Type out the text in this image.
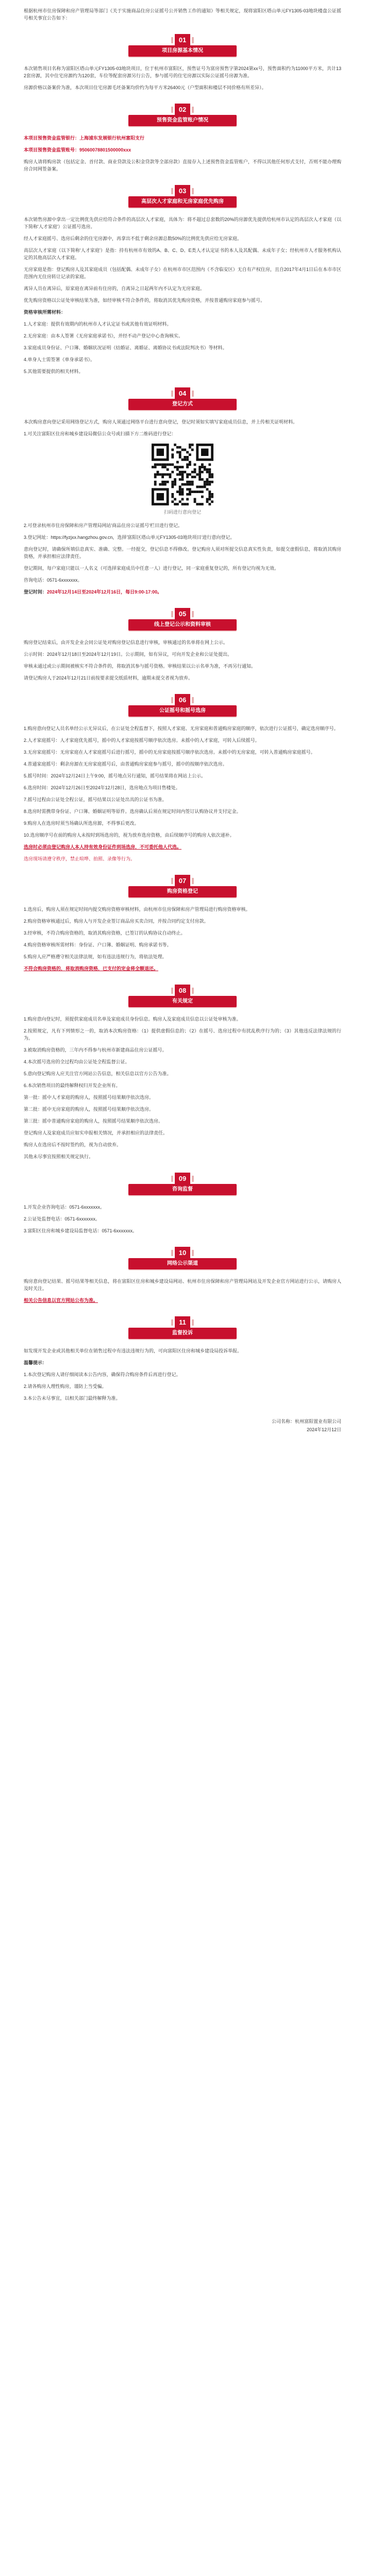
根据杭州市住房保障和房产管理局等部门《关于实施商品住房公证摇号公开销售工作的通知》等相关规定，现将富阳区塔山单元FY1305-03地块楼盘公证摇号相关事宜公告如下：

01
项目房源基本情况

本次销售项目名称为富阳区塔山单元FY1305-03地块项目，位于杭州市富阳区，预售证号为富房预售字第2024第xx号，预售面积约为11000平方米，共计132套房源，其中住宅房源约为120套，车位等配套房源另行公告，参与摇号的住宅房源以实际公证摇号房源为准。

房源价格以备案价为准，本次项目住宅房源毛坯备案均价约为每平方米26400元（户型面积和楼层不同价格有所差异）。

02
预售资金监管账户情况

本项目预售资金监管银行：上海浦东发展银行杭州富阳支行

本项目预售资金监管账号：95060078801500000xxx

购房人请将购房款（包括定金、首付款、商业贷款及公积金贷款等全部房款）直接存入上述预售资金监管账户，不得以其他任何形式支付，否则不能办理购房合同网签备案。

03
高层次人才家庭和无房家庭优先购房

本次销售房源中拿出一定比例优先供应给符合条件的高层次人才家庭，具体为：将不超过总套数的20%的房源优先提供给杭州市认定的高层次人才家庭（以下简称'人才家庭'）公证摇号选房。

经人才家庭摇号、选房后剩余的住宅房源中，再拿出不低于剩余房源总数50%的比例优先供应给无房家庭。

高层次人才家庭（以下简称'人才家庭'）是指：持有杭州市有效的A、B、C、D、E类人才认定证书的本人及其配偶、未成年子女；经杭州市人才服务机构认定的其他高层次人才家庭。

无房家庭是指：登记购房人及其家庭成员（包括配偶、未成年子女）在杭州市市区范围内（不含临安区）无自有产权住房，且自2017年4月1日后在本市市区范围内无住房转让记录的家庭。

离异人员在离异后，原家庭在离异前有住房的，自离异之日起两年内不认定为无房家庭。

优先购房资格以公证处审核结果为准，如经审核不符合条件的，将取消其优先购房资格，并按普通购房家庭参与摇号。

资格审核所需材料：

1.人才家庭：提供有效期内的杭州市人才认定证书或其他有效证明材料。

2.无房家庭：由本人签署《无房家庭承诺书》，并经不动产登记中心查询核实。

3.家庭成员身份证、户口簿、婚姻状况证明（结婚证、离婚证、离婚协议书或法院判决书）等材料。

4.单身人士需签署《单身承诺书》。

5.其他需要提供的相关材料。

04
登记方式

本次购房意向登记采用网络登记方式，购房人须通过网络平台进行意向登记，登记时须如实填写家庭成员信息，并上传相关证明材料。

1.可关注富阳区住房和城乡建设局微信公众号或扫描下方二维码进行登记：

扫码进行意向登记

2.可登录杭州市住房保障和房产管理局网站'商品住房公证摇号'栏目进行登记。

3.登记网址：https://fyzjxx.hangzhou.gov.cn，选择'富阳区塔山单元FY1305-03地块项目'进行意向登记。

意向登记时，请确保所填信息真实、准确、完整。一经提交，登记信息不得修改。登记购房人须对所提交信息真实性负责，如提交虚假信息，将取消其购房资格，并承担相应法律责任。

登记期间，每户家庭只能以一人名义（可选择家庭成员中任意一人）进行登记，同一家庭重复登记的，所有登记均视为无效。

咨询电话：0571-6xxxxxxx。

登记时间：2024年12月14日至2024年12月16日，每日9:00-17:00。

05
线上登记公示和资料审核

购房登记结束后，由开发企业会同公证处对购房登记信息进行审核，审核通过的名单将在网上公示。

公示时间：2024年12月18日至2024年12月19日。公示期间，如有异议，可向开发企业和公证处提出。

审核未通过或公示期间被核实不符合条件的，将取消其参与摇号资格。审核结果以公示名单为准，不再另行通知。

请登记购房人于2024年12月21日前按要求提交纸质材料，逾期未提交者视为放弃。

06
公证摇号和摇号选房

1.购房意向登记人员名单经公示无异议后，在公证处全程监督下，按照人才家庭、无房家庭和普通购房家庭的顺序，依次进行公证摇号，确定选房顺序号。

2.人才家庭摇号：人才家庭优先摇号，摇中的人才家庭按摇号顺序依次选房。未摇中的人才家庭，可转入后续摇号。

3.无房家庭摇号：无房家庭在人才家庭摇号后进行摇号，摇中的无房家庭按摇号顺序依次选房。未摇中的无房家庭，可转入普通购房家庭摇号。

4.普通家庭摇号：剩余房源在无房家庭摇号后，由普通购房家庭参与摇号，摇中的按顺序依次选房。

5.摇号时间：2024年12月24日上午9:00，摇号地点另行通知，摇号结果将在网站上公示。

6.选房时间：2024年12月26日至2024年12月28日，选房地点为项目售楼处。

7.摇号过程由公证处全程公证，摇号结果以公证处出具的公证书为准。

8.选房时需携带身份证、户口簿、婚姻证明等原件。选房确认后须在规定时间内签订认购协议并支付定金。

9.购房人在选房时须当场确认所选房源，不得事后更改。

10.选房顺序号在前的购房人未按时到场选房的，视为放弃选房资格，由后续顺序号的购房人依次递补。

选房时必须由登记购房人本人持有效身份证件到场选房，不可委托他人代选。

选房现场请遵守秩序，禁止喧哗、拍照、录像等行为。

07
购房资格登记

1.选房后，购房人须在规定时间内提交购房资格审核材料，由杭州市住房保障和房产管理局进行购房资格审核。

2.购房资格审核通过后，购房人与开发企业签订商品房买卖合同，并按合同约定支付房款。

3.经审核，不符合购房资格的，取消其购房资格，已签订的认购协议自动终止。

4.购房资格审核所需材料：身份证、户口簿、婚姻证明、购房承诺书等。

5.购房人应严格遵守相关法律法规，如有违法违规行为，将依法处理。

不符合购房资格的，将取消购房资格，已支付的定金将全额退还。

08
有关规定

1.购房意向登记时，须提供家庭成员名单及家庭成员身份信息。购房人及家庭成员信息以公证处审核为准。

2.按照规定，凡有下列情形之一的，取消本次购房资格：（1）提供虚假信息的；（2）在摇号、选房过程中有扰乱秩序行为的；（3）其他违反法律法规的行为。

3.被取消购房资格的，三年内不得参与杭州市新建商品住房公证摇号。

4.本次摇号选房的全过程均由公证处全程监督公证。

5.意向登记购房人应关注官方网站公告信息，相关信息以官方公告为准。

6.本次销售项目的最终解释权归开发企业所有。

第一批：摇中人才家庭的购房人，按照摇号结果顺序依次选房。

第二批：摇中无房家庭的购房人，按照摇号结果顺序依次选房。

第三批：摇中普通购房家庭的购房人，按照摇号结果顺序依次选房。

登记购房人及家庭成员应如实申报相关情况，并承担相应的法律责任。

购房人在选房后不按时签约的，视为自动放弃。

其他未尽事宜按照相关规定执行。

09
咨询监督

1.开发企业咨询电话：0571-6xxxxxxx。

2.公证处监督电话：0571-6xxxxxxx。

3.富阳区住房和城乡建设局监督电话：0571-6xxxxxxx。

10
网络公示渠道

购房意向登记结果、摇号结果等相关信息，将在富阳区住房和城乡建设局网站、杭州市住房保障和房产管理局网站及开发企业官方网站进行公示，请购房人及时关注。

相关公告信息以官方网站公布为准。

11
监督投诉

如发现开发企业或其他相关单位在销售过程中有违法违规行为的，可向富阳区住房和城乡建设局投诉举报。

温馨提示：

1.本次登记购房人请仔细阅读本公告内容，确保符合购房条件后再进行登记。

2.请各购房人理性购房，谨防上当受骗。

3.本公告未尽事宜，以相关部门最终解释为准。

公司名称：杭州富阳置业有限公司
2024年12月12日
